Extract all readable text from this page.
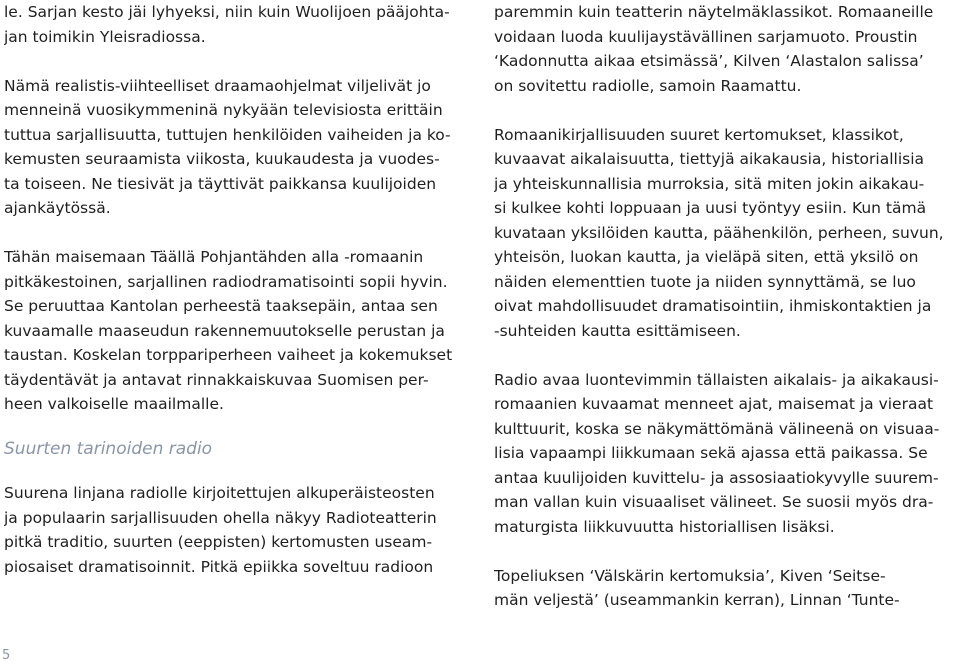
le. Sarjan kesto jäi lyhyeksi, niin kuin Wuolijoen pääjohta-
jan toimikin Yleisradiossa.
Nämä realistis-viihteelliset draamaohjelmat viljelivät jo
menneinä vuosikymmeninä nykyään televisiosta erittäin
tuttua sarjallisuutta, tuttujen henkilöiden vaiheiden ja ko-
kemusten seuraamista viikosta, kuukaudesta ja vuodes-
ta toiseen. Ne tiesivät ja täyttivät paikkansa kuulijoiden
ajankäytössä.
Tähän maisemaan Täällä Pohjantähden alla -romaanin
pitkäkestoinen, sarjallinen radiodramatisointi sopii hyvin.
Se peruuttaa Kantolan perheestä taaksepäin, antaa sen
kuvaamalle maaseudun rakennemuutokselle perustan ja
taustan. Koskelan torppariperheen vaiheet ja kokemukset
täydentävät ja antavat rinnakkaiskuvaa Suomisen per-
heen valkoiselle maailmalle.
Suurten tarinoiden radio
Suurena linjana radiolle kirjoitettujen alkuperäisteosten
ja populaarin sarjallisuuden ohella näkyy Radioteatterin
pitkä traditio, suurten (eeppisten) kertomusten useam-
piosaiset dramatisoinnit. Pitkä epiikka soveltuu radioon
paremmin kuin teatterin näytelmäklassikot. Romaaneille
voidaan luoda kuulijaystävällinen sarjamuoto. Proustin
‘Kadonnutta aikaa etsimässä’, Kilven ‘Alastalon salissa’
on sovitettu radiolle, samoin Raamattu.
Romaanikirjallisuuden suuret kertomukset, klassikot,
kuvaavat aikalaisuutta, tiettyjä aikakausia, historiallisia
ja yhteiskunnallisia murroksia, sitä miten jokin aikakau-
si kulkee kohti loppuaan ja uusi työntyy esiin. Kun tämä
kuvataan yksilöiden kautta, päähenkilön, perheen, suvun,
yhteisön, luokan kautta, ja vieläpä siten, että yksilö on
näiden elementtien tuote ja niiden synnyttämä, se luo
oivat mahdollisuudet dramatisointiin, ihmiskontaktien ja
-suhteiden kautta esittämiseen.
Radio avaa luontevimmin tällaisten aikalais- ja aikakausi-
romaanien kuvaamat menneet ajat, maisemat ja vieraat
kulttuurit, koska se näkymättömänä välineenä on visuaa-
lisia vapaampi liikkumaan sekä ajassa että paikassa. Se
antaa kuulijoiden kuvittelu- ja assosiaatiokyvylle suurem-
man vallan kuin visuaaliset välineet. Se suosii myös dra-
maturgista liikkuvuutta historiallisen lisäksi.
Topeliuksen ‘Välskärin kertomuksia’, Kiven ‘Seitse-
män veljestä’ (useammankin kerran), Linnan ‘Tunte-
5
